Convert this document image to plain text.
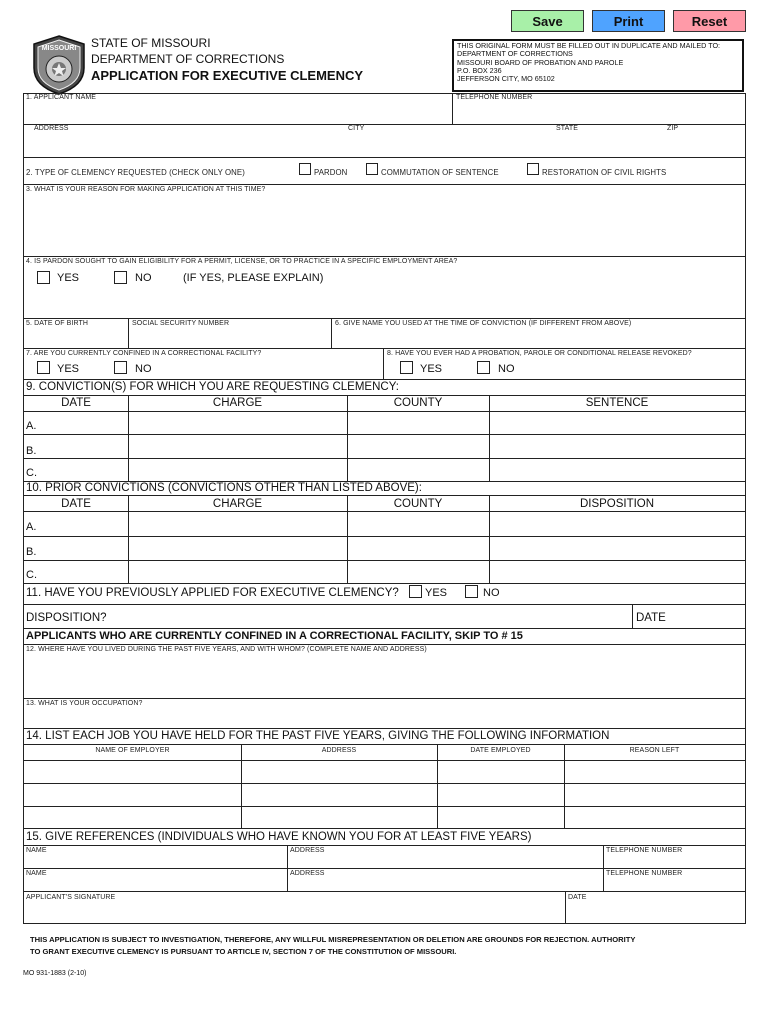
Save	Print	Reset
MISSOURI STATE OF MISSOURI
DEPARTMENT OF CORRECTIONS
APPLICATION FOR EXECUTIVE CLEMENCY
THIS ORIGINAL FORM MUST BE FILLED OUT IN DUPLICATE AND MAILED TO:
DEPARTMENT OF CORRECTIONS
MISSOURI BOARD OF PROBATION AND PAROLE
P.O. BOX 236
JEFFERSON CITY, MO 65102
1. APPLICANT NAME	TELEPHONE NUMBER
ADDRESS	CITY	STATE	ZIP
2. TYPE OF CLEMENCY REQUESTED (CHECK ONLY ONE)	PARDON	COMMUTATION OF SENTENCE	RESTORATION OF CIVIL RIGHTS
3. WHAT IS YOUR REASON FOR MAKING APPLICATION AT THIS TIME?
4. IS PARDON SOUGHT TO GAIN ELIGIBILITY FOR A PERMIT, LICENSE, OR TO PRACTICE IN A SPECIFIC EMPLOYMENT AREA?
YES	NO	(IF YES, PLEASE EXPLAIN)
5. DATE OF BIRTH	SOCIAL SECURITY NUMBER	6. GIVE NAME YOU USED AT THE TIME OF CONVICTION (IF DIFFERENT FROM ABOVE)
7. ARE YOU CURRENTLY CONFINED IN A CORRECTIONAL FACILITY?
YES	NO
8. HAVE YOU EVER HAD A PROBATION, PAROLE OR CONDITIONAL RELEASE REVOKED?
YES	NO
9. CONVICTION(S) FOR WHICH YOU ARE REQUESTING CLEMENCY:
DATE	CHARGE	COUNTY	SENTENCE
A.
B.
C.
10. PRIOR CONVICTIONS (CONVICTIONS OTHER THAN LISTED ABOVE):
DATE	CHARGE	COUNTY	DISPOSITION
A.
B.
C.
11. HAVE YOU PREVIOUSLY APPLIED FOR EXECUTIVE CLEMENCY? YES	NO
DISPOSITION?	DATE
APPLICANTS WHO ARE CURRENTLY CONFINED IN A CORRECTIONAL FACILITY, SKIP TO # 15
12. WHERE HAVE YOU LIVED DURING THE PAST FIVE YEARS, AND WITH WHOM? (COMPLETE NAME AND ADDRESS)
13. WHAT IS YOUR OCCUPATION?
14. LIST EACH JOB YOU HAVE HELD FOR THE PAST FIVE YEARS, GIVING THE FOLLOWING INFORMATION
NAME OF EMPLOYER	ADDRESS	DATE EMPLOYED	REASON LEFT
15. GIVE REFERENCES (INDIVIDUALS WHO HAVE KNOWN YOU FOR AT LEAST FIVE YEARS)
NAME	ADDRESS	TELEPHONE NUMBER
NAME	ADDRESS	TELEPHONE NUMBER
APPLICANT'S SIGNATURE	DATE
THIS APPLICATION IS SUBJECT TO INVESTIGATION, THEREFORE, ANY WILLFUL MISREPRESENTATION OR DELETION ARE GROUNDS FOR REJECTION. AUTHORITY
TO GRANT EXECUTIVE CLEMENCY IS PURSUANT TO ARTICLE IV, SECTION 7 OF THE CONSTITUTION OF MISSOURI.
MO 931-1883 (2-10)
